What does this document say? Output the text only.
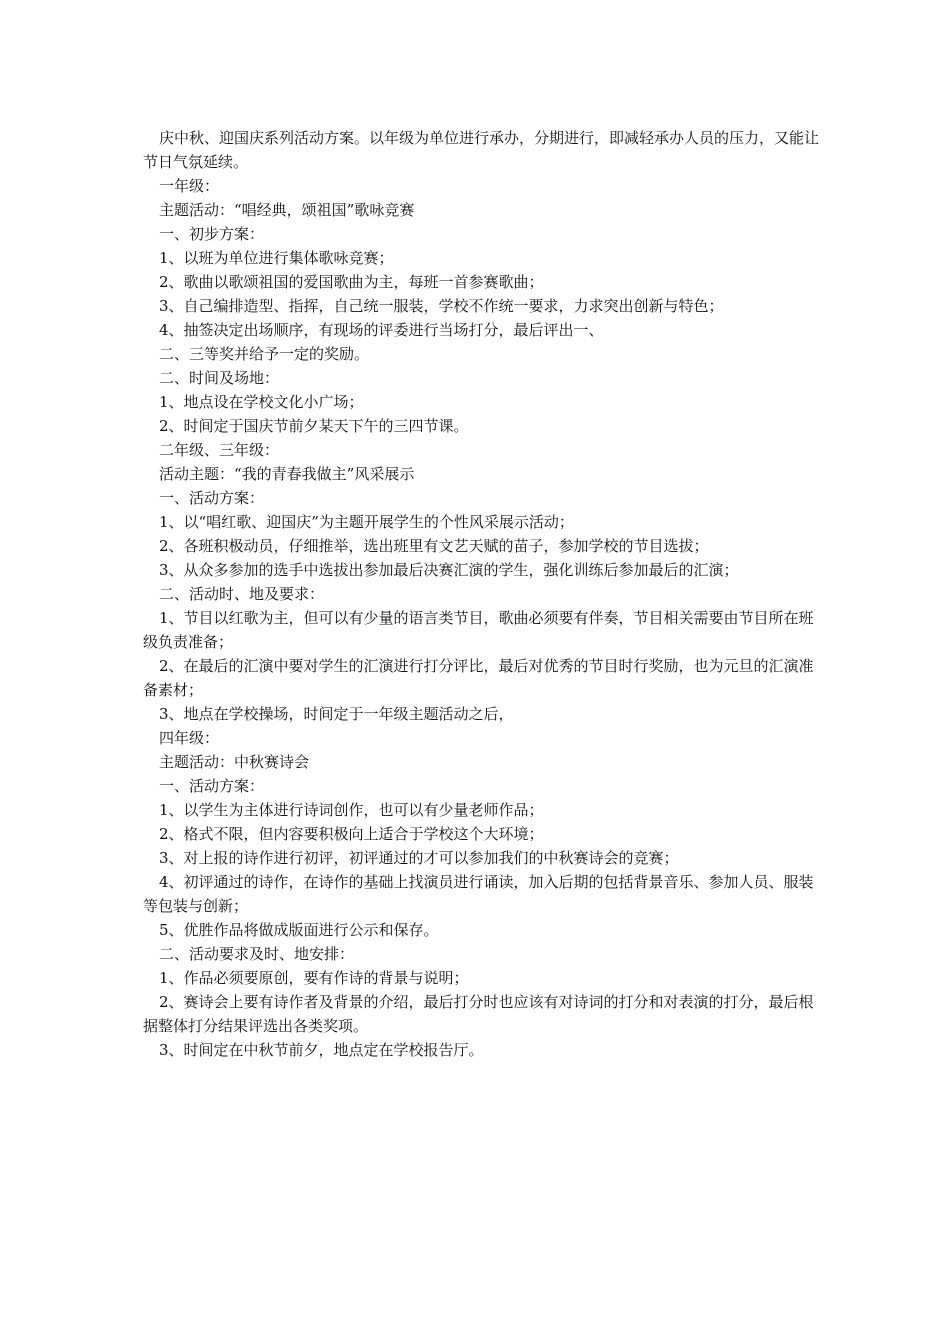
庆中秋、迎国庆系列活动方案。以年级为单位进行承办，分期进行，即减轻承办人员的压力，又能让节日气氛延续。

一年级：

主题活动：“唱经典，颂祖国”歌咏竞赛

一、初步方案：

1、以班为单位进行集体歌咏竞赛；

2、歌曲以歌颂祖国的爱国歌曲为主，每班一首参赛歌曲；

3、自己编排造型、指挥，自己统一服装，学校不作统一要求，力求突出创新与特色；

4、抽签决定出场顺序，有现场的评委进行当场打分，最后评出一、

二、三等奖并给予一定的奖励。

二、时间及场地：

1、地点设在学校文化小广场；

2、时间定于国庆节前夕某天下午的三四节课。

二年级、三年级：

活动主题：“我的青春我做主”风采展示

一、活动方案：

1、以“唱红歌、迎国庆”为主题开展学生的个性风采展示活动；

2、各班积极动员，仔细推举，选出班里有文艺天赋的苗子，参加学校的节目选拔；

3、从众多参加的选手中选拔出参加最后决赛汇演的学生，强化训练后参加最后的汇演；

二、活动时、地及要求：

1、节目以红歌为主，但可以有少量的语言类节目，歌曲必须要有伴奏，节目相关需要由节目所在班级负责准备；

2、在最后的汇演中要对学生的汇演进行打分评比，最后对优秀的节目时行奖励，也为元旦的汇演准备素材；

3、地点在学校操场，时间定于一年级主题活动之后，

四年级：

主题活动：中秋赛诗会

一、活动方案：

1、以学生为主体进行诗词创作，也可以有少量老师作品；

2、格式不限，但内容要积极向上适合于学校这个大环境；

3、对上报的诗作进行初评，初评通过的才可以参加我们的中秋赛诗会的竞赛；

4、初评通过的诗作，在诗作的基础上找演员进行诵读，加入后期的包括背景音乐、参加人员、服装等包装与创新；

5、优胜作品将做成版面进行公示和保存。

二、活动要求及时、地安排：

1、作品必须要原创，要有作诗的背景与说明；

2、赛诗会上要有诗作者及背景的介绍，最后打分时也应该有对诗词的打分和对表演的打分，最后根据整体打分结果评选出各类奖项。

3、时间定在中秋节前夕，地点定在学校报告厅。
